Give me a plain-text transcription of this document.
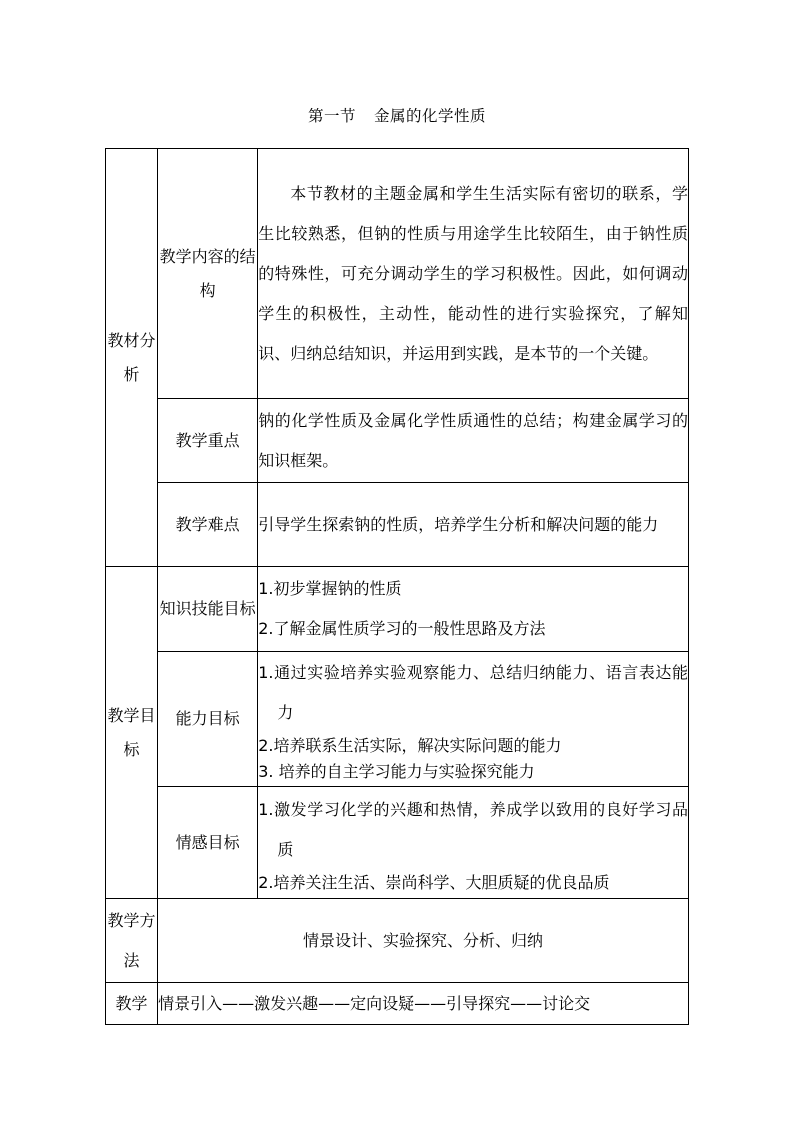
第一节 金属的化学性质
教材分析	教学内容的结构	本节教材的主题金属和学生生活实际有密切的联系，学生比较熟悉，但钠的性质与用途学生比较陌生，由于钠性质的特殊性，可充分调动学生的学习积极性。因此，如何调动学生的积极性，主动性，能动性的进行实验探究，了解知识、归纳总结知识，并运用到实践，是本节的一个关键。

	教学重点	钠的化学性质及金属化学性质通性的总结；构建金属学习的知识框架。

	教学难点	引导学生探索钠的性质，培养学生分析和解决问题的能力

教学目标	知识技能目标	1.初步掌握钠的性质

2.了解金属性质学习的一般性思路及方法

	能力目标	1.通过实验培养实验观察能力、总结归纳能力、语言表达能力

2.培养联系生活实际，解决实际问题的能力

3. 培养的自主学习能力与实验探究能力

	情感目标	1.激发学习化学的兴趣和热情，养成学以致用的良好学习品质

2.培养关注生活、崇尚科学、大胆质疑的优良品质

教学方法	情景设计、实验探究、分析、归纳	
教学	情景引入——激发兴趣——定向设疑——引导探究——讨论交	
